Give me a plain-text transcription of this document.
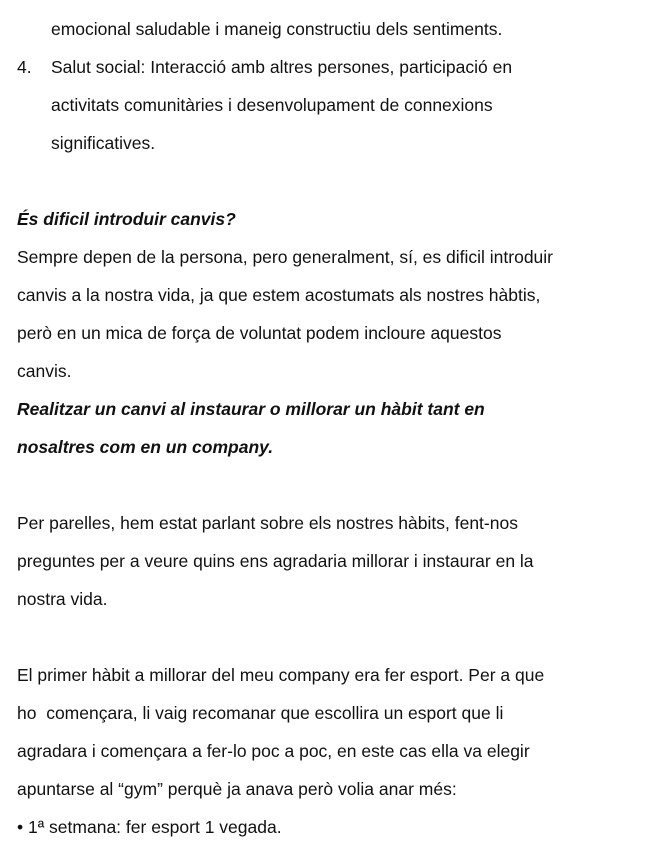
emocional saludable i maneig constructiu dels sentiments.
4. Salut social: Interacció amb altres persones, participació en
activitats comunitàries i desenvolupament de connexions
significatives.
És dificil introduir canvis?
Sempre depen de la persona, pero generalment, sí, es dificil introduir
canvis a la nostra vida, ja que estem acostumats als nostres hàbtis,
però en un mica de força de voluntat podem incloure aquestos
canvis.
Realitzar un canvi al instaurar o millorar un hàbit tant en
nosaltres com en un company.
Per parelles, hem estat parlant sobre els nostres hàbits, fent-nos
preguntes per a veure quins ens agradaria millorar i instaurar en la
nostra vida.
El primer hàbit a millorar del meu company era fer esport. Per a que
ho  començara, li vaig recomanar que escollira un esport que li
agradara i començara a fer-lo poc a poc, en este cas ella va elegir
apuntarse al “gym” perquè ja anava però volia anar més:
• 1ª setmana: fer esport 1 vegada.
